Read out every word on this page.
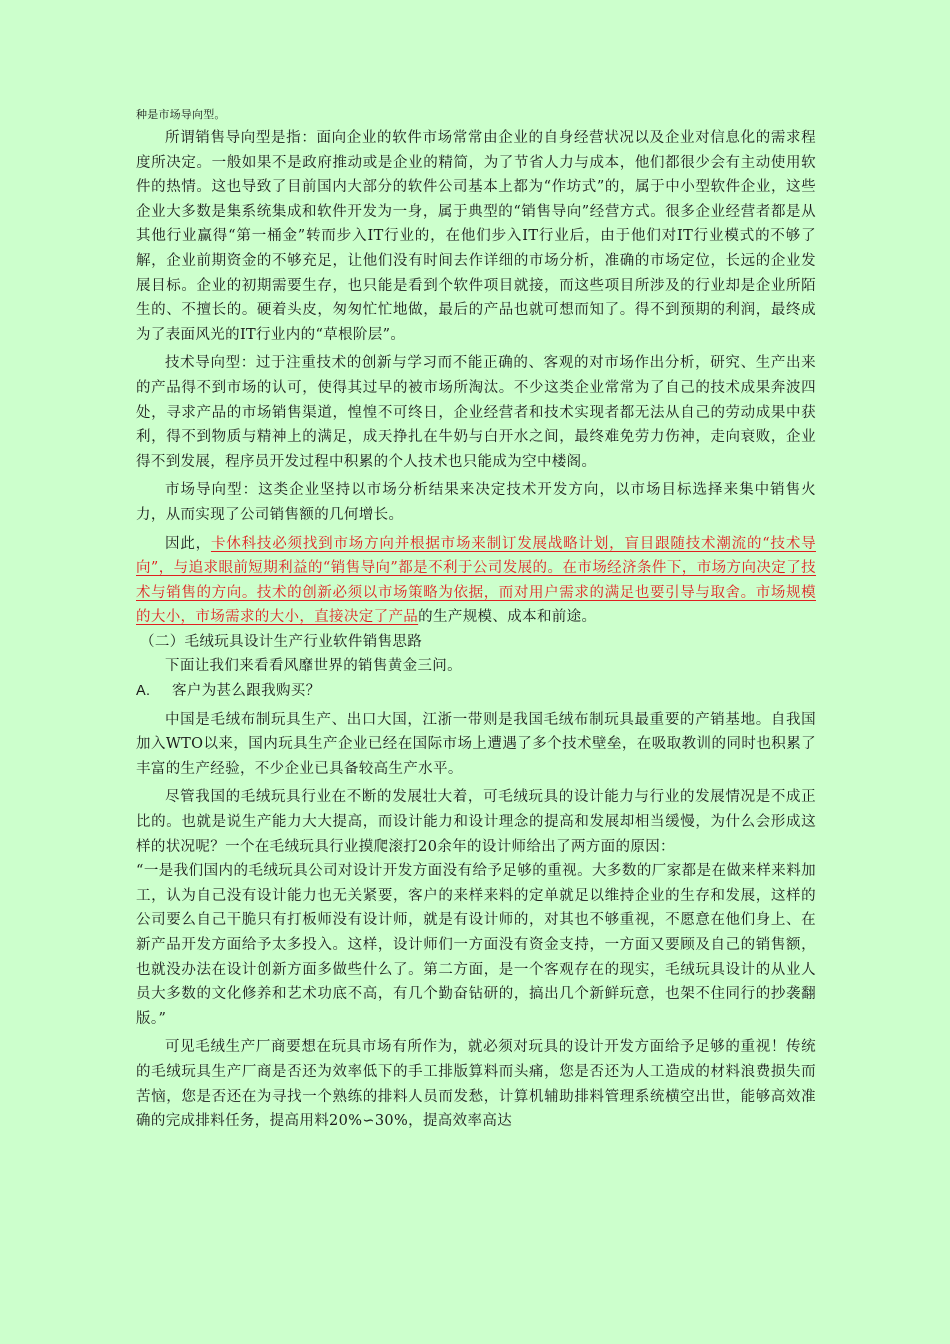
种是市场导向型。

所谓销售导向型是指：面向企业的软件市场常常由企业的自身经营状况以及企业对信息化的需求程度所决定。一般如果不是政府推动或是企业的精简，为了节省人力与成本，他们都很少会有主动使用软件的热情。这也导致了目前国内大部分的软件公司基本上都为“作坊式”的，属于中小型软件企业，这些企业大多数是集系统集成和软件开发为一身，属于典型的“销售导向”经营方式。很多企业经营者都是从其他行业赢得“第一桶金”转而步入IT行业的，在他们步入IT行业后，由于他们对IT行业模式的不够了解，企业前期资金的不够充足，让他们没有时间去作详细的市场分析，准确的市场定位，长远的企业发展目标。企业的初期需要生存，也只能是看到个软件项目就接，而这些项目所涉及的行业却是企业所陌生的、不擅长的。硬着头皮，匆匆忙忙地做，最后的产品也就可想而知了。得不到预期的利润，最终成为了表面风光的IT行业内的“草根阶层”。

技术导向型：过于注重技术的创新与学习而不能正确的、客观的对市场作出分析，研究、生产出来的产品得不到市场的认可，使得其过早的被市场所淘汰。不少这类企业常常为了自己的技术成果奔波四处，寻求产品的市场销售渠道，惶惶不可终日，企业经营者和技术实现者都无法从自己的劳动成果中获利，得不到物质与精神上的满足，成天挣扎在牛奶与白开水之间，最终难免劳力伤神，走向衰败，企业得不到发展，程序员开发过程中积累的个人技术也只能成为空中楼阁。

市场导向型：这类企业坚持以市场分析结果来决定技术开发方向，以市场目标选择来集中销售火力，从而实现了公司销售额的几何增长。

因此，卡休科技必须找到市场方向并根据市场来制订发展战略计划，盲目跟随技术潮流的“技术导向”，与追求眼前短期利益的“销售导向”都是不利于公司发展的。在市场经济条件下，市场方向决定了技术与销售的方向。技术的创新必须以市场策略为依据，而对用户需求的满足也要引导与取舍。市场规模的大小，市场需求的大小，直接决定了产品的生产规模、成本和前途。

（二）毛绒玩具设计生产行业软件销售思路

下面让我们来看看风靡世界的销售黄金三问。

A. 客户为甚么跟我购买？

中国是毛绒布制玩具生产、出口大国，江浙一带则是我国毛绒布制玩具最重要的产销基地。自我国加入WTO以来，国内玩具生产企业已经在国际市场上遭遇了多个技术壁垒，在吸取教训的同时也积累了丰富的生产经验，不少企业已具备较高生产水平。

尽管我国的毛绒玩具行业在不断的发展壮大着，可毛绒玩具的设计能力与行业的发展情况是不成正比的。也就是说生产能力大大提高，而设计能力和设计理念的提高和发展却相当缓慢，为什么会形成这样的状况呢？一个在毛绒玩具行业摸爬滚打20余年的设计师给出了两方面的原因：

“一是我们国内的毛绒玩具公司对设计开发方面没有给予足够的重视。大多数的厂家都是在做来样来料加工，认为自己没有设计能力也无关紧要，客户的来样来料的定单就足以维持企业的生存和发展，这样的公司要么自己干脆只有打板师没有设计师，就是有设计师的，对其也不够重视，不愿意在他们身上、在新产品开发方面给予太多投入。这样，设计师们一方面没有资金支持，一方面又要顾及自己的销售额，也就没办法在设计创新方面多做些什么了。第二方面，是一个客观存在的现实，毛绒玩具设计的从业人员大多数的文化修养和艺术功底不高，有几个勤奋钻研的，搞出几个新鲜玩意，也架不住同行的抄袭翻版。”

可见毛绒生产厂商要想在玩具市场有所作为，就必须对玩具的设计开发方面给予足够的重视！传统的毛绒玩具生产厂商是否还为效率低下的手工排版算料而头痛，您是否还为人工造成的材料浪费损失而苦恼，您是否还在为寻找一个熟练的排料人员而发愁，计算机辅助排料管理系统横空出世，能够高效准确的完成排料任务，提高用料20%∽30%，提高效率高达
